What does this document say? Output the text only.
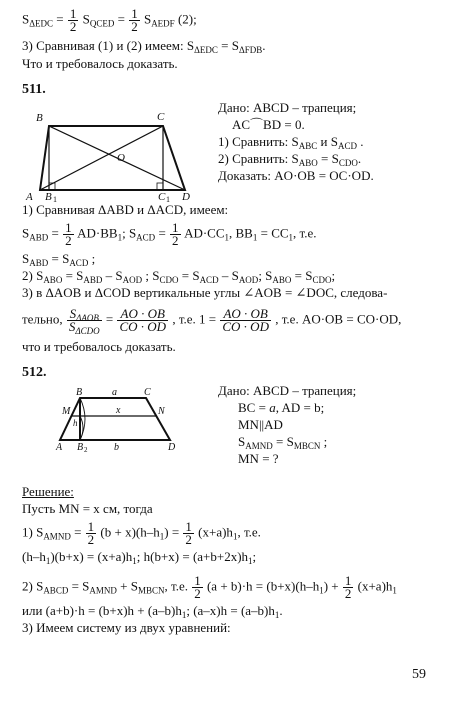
$S_{\Delta EDC} = \frac{1}{2} S_{QCED} = \frac{1}{2} S_{AEDF}$ (2);
3) Сравнивая (1) и (2) имеем: $S_{\Delta EDC} = S_{\Delta FDB}$.
Что и требовалось доказать.
511.
B	C
O
A B 1	C 1 D
Дано: ABCD – трапеция;
AC⌒BD = 0.
1) Сравнить: $S_{ABC}$ и $S_{ACD}$ .
2) Сравнить: $S_{ABO} = S_{CDO}$.
Доказать: AO·OB = OC·OD.
1) Сравнивая ΔABD и ΔACD, имеем:
$S_{ABD} = \frac{1}{2} AD\cdot BB_1$; $S_{ACD} = \frac{1}{2} AD\cdot CC_1$, $BB_1 = CC_1$, т.е.
$S_{ABD} = S_{ACD}$ ;
2) $S_{ABO} = S_{ABD} - S_{AOD}$ ; $S_{CDO} = S_{ACD} - S_{AOD}$; $S_{ABO} = S_{CDO}$;
3) в ΔAOB и ΔCOD вертикальные углы ∠AOB = ∠DOC, следова-
тельно, $S_{\Delta AOB}$
$S_{\Delta CDO}$
= $\frac{AO \cdot OB}{CO \cdot OD}$ , т.е. $1 = \frac{AO \cdot OB}{CO \cdot OD}$ , т.е. AO·OB = CO·OD,
что и требовалось доказать.
512.
B	a	C
M
h
x	N
A B 2	b	D
Дано: ABCD – трапеция;
BC = a, AD = b;
MN||AD
$S_{AMND} = S_{MBCN}$ ;
MN = ?
Решение:
Пусть MN = x см, тогда
1) $S_{AMND} = \frac{1}{2} (b + x)(h-h_1) = \frac{1}{2} (x+a)h_1$, т.е.
$(h-h_1)(b+x) = (x+a)h_1$; $h(b+x) = (a+b+2x)h_1$;
2) $S_{ABCD} = S_{AMND} + S_{MBCN}$, т.е. $\frac{1}{2} (a + b)\cdot h = (b+x)(h-h_1) + \frac{1}{2} (x+a)h_1$
или $(a+b)\cdot h = (b+x)h + (a-b)h_1$; $(a-x)h = (a-b)h_1$.
3) Имеем систему из двух уравнений:
59
